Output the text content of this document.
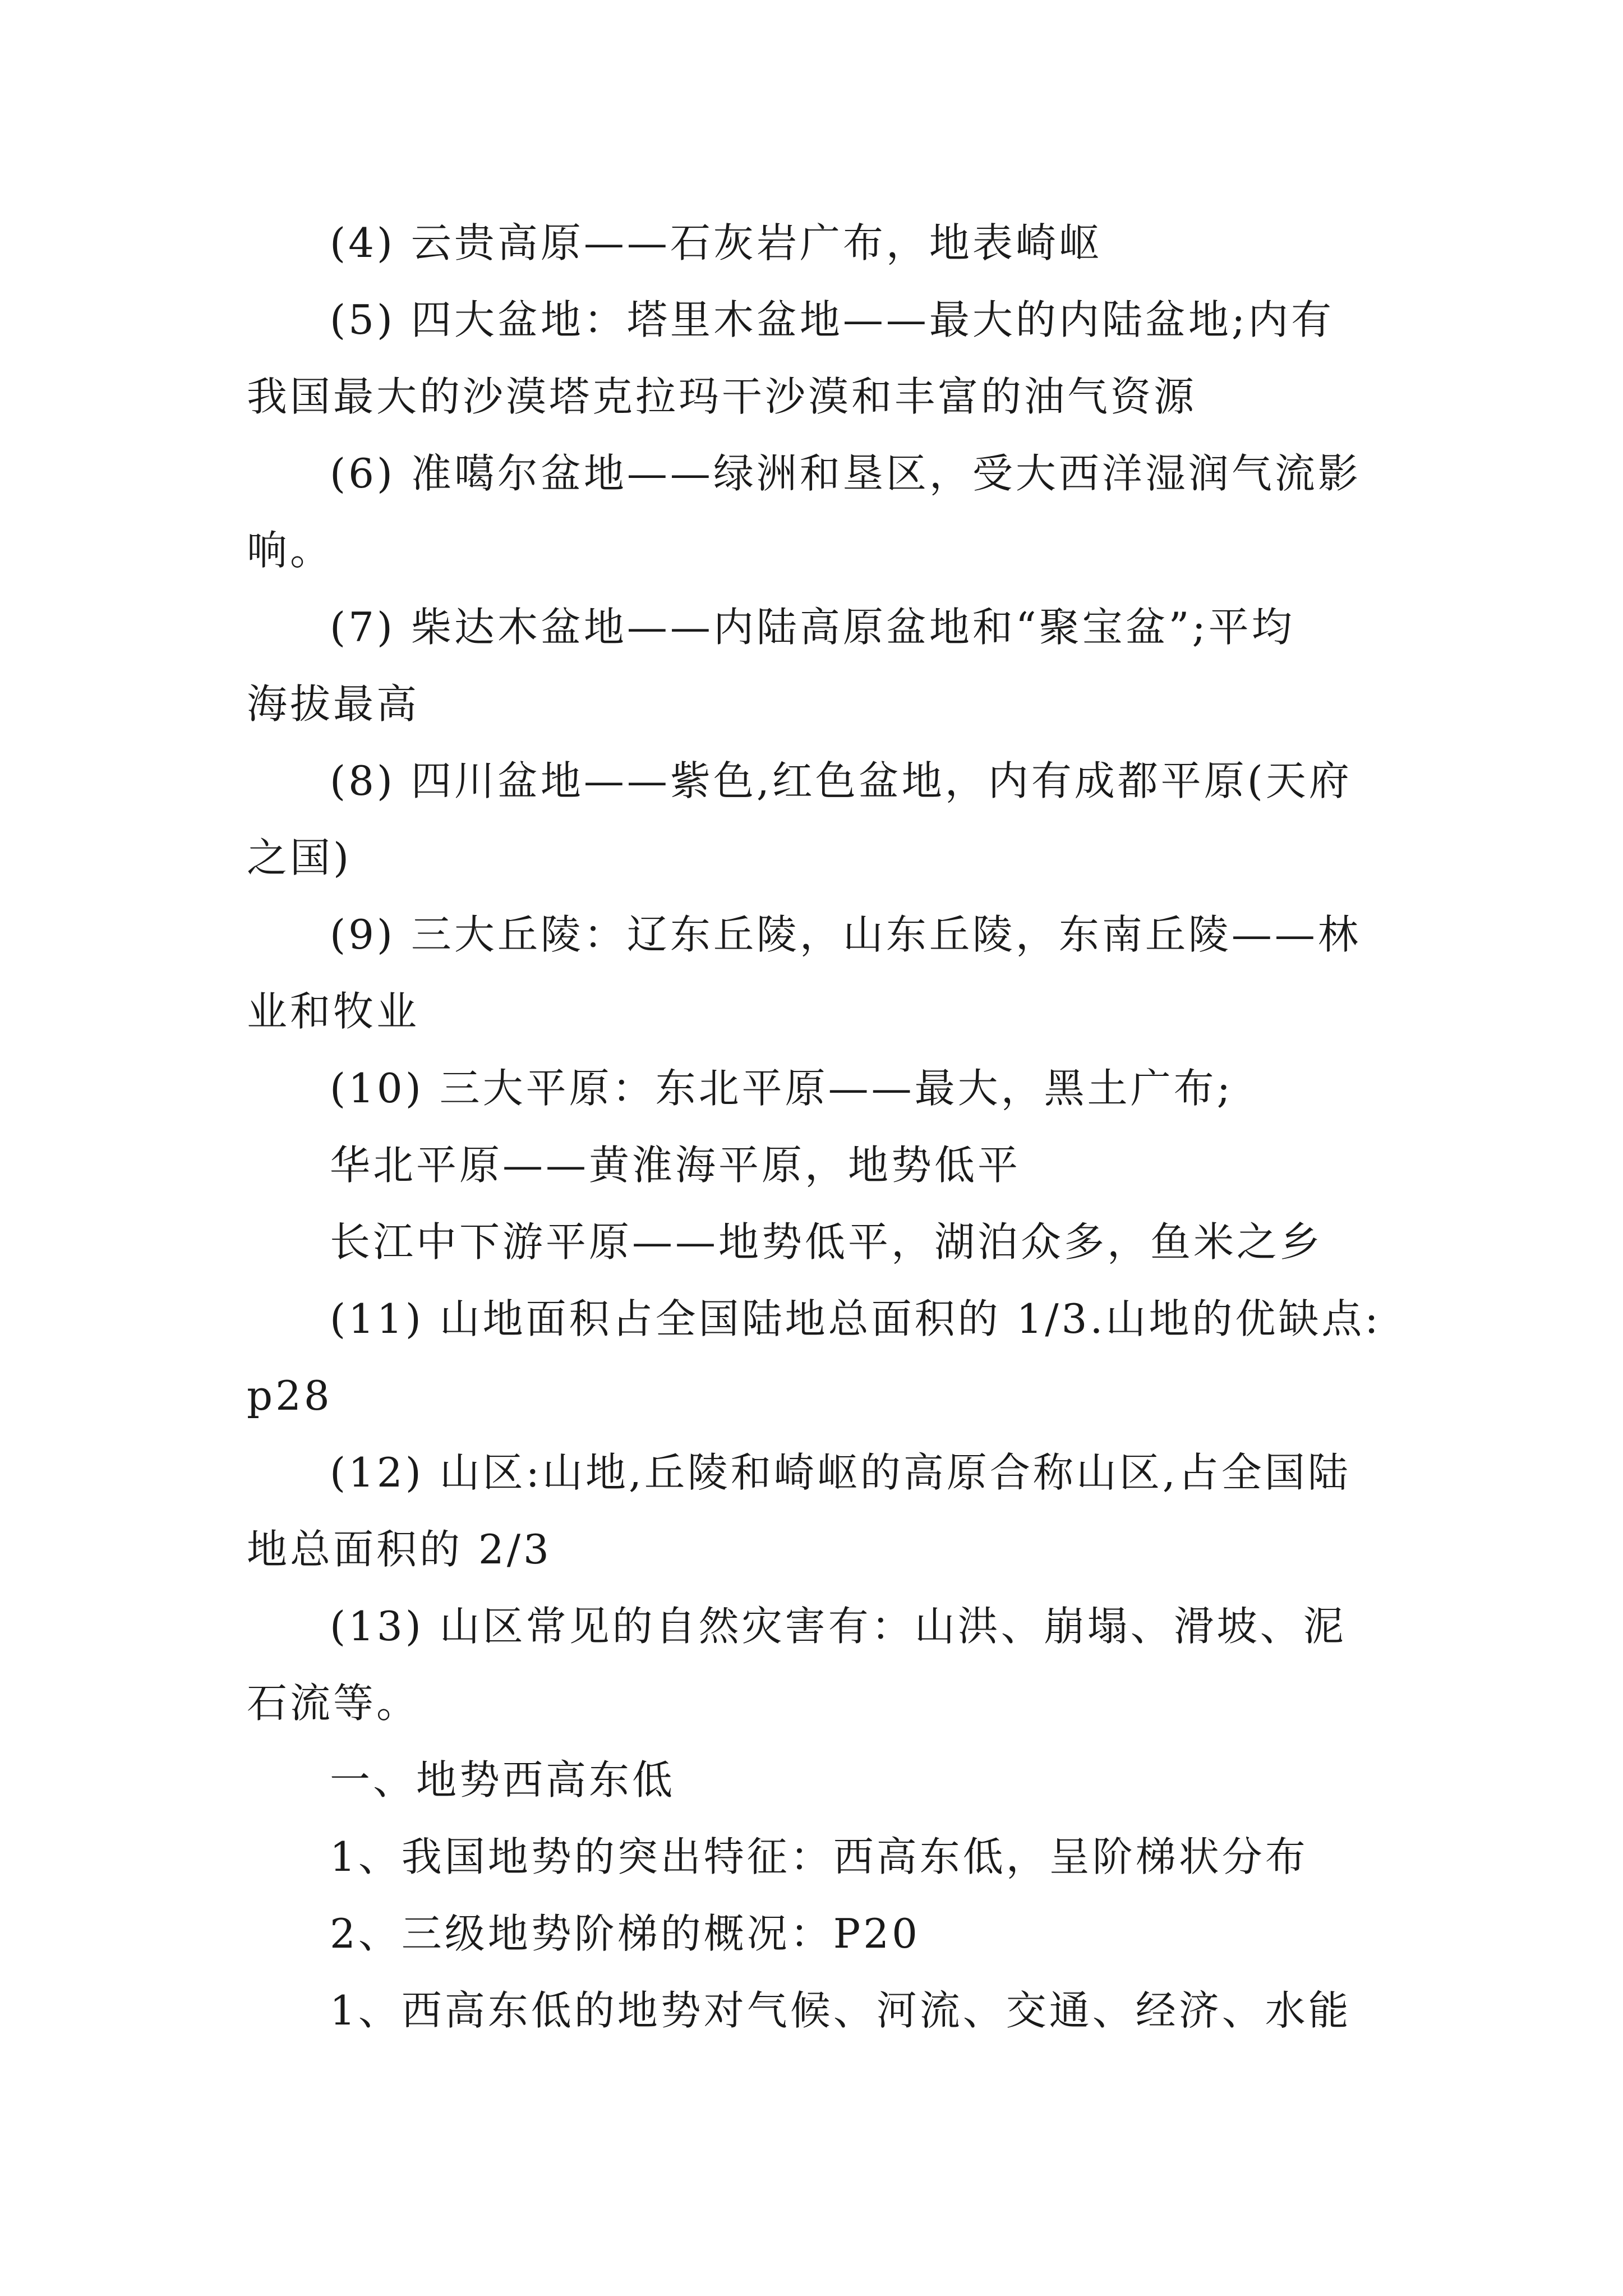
(4) 云贵高原——石灰岩广布，地表崎岖
(5) 四大盆地：塔里木盆地——最大的内陆盆地;内有
我国最大的沙漠塔克拉玛干沙漠和丰富的油气资源
(6) 准噶尔盆地——绿洲和垦区，受大西洋湿润气流影
响。
(7) 柴达木盆地——内陆高原盆地和“聚宝盆”;平均
海拔最高
(8) 四川盆地——紫色,红色盆地，内有成都平原(天府
之国)
(9) 三大丘陵：辽东丘陵，山东丘陵，东南丘陵——林
业和牧业
(10) 三大平原：东北平原——最大，黑土广布;
华北平原——黄淮海平原，地势低平
长江中下游平原——地势低平，湖泊众多，鱼米之乡
(11) 山地面积占全国陆地总面积的 1/3.山地的优缺点:
p28
(12) 山区:山地,丘陵和崎岖的高原合称山区,占全国陆
地总面积的 2/3
(13) 山区常见的自然灾害有：山洪、崩塌、滑坡、泥
石流等。
一、地势西高东低
1、我国地势的突出特征：西高东低，呈阶梯状分布
2、三级地势阶梯的概况：P20
1、西高东低的地势对气候、河流、交通、经济、水能
